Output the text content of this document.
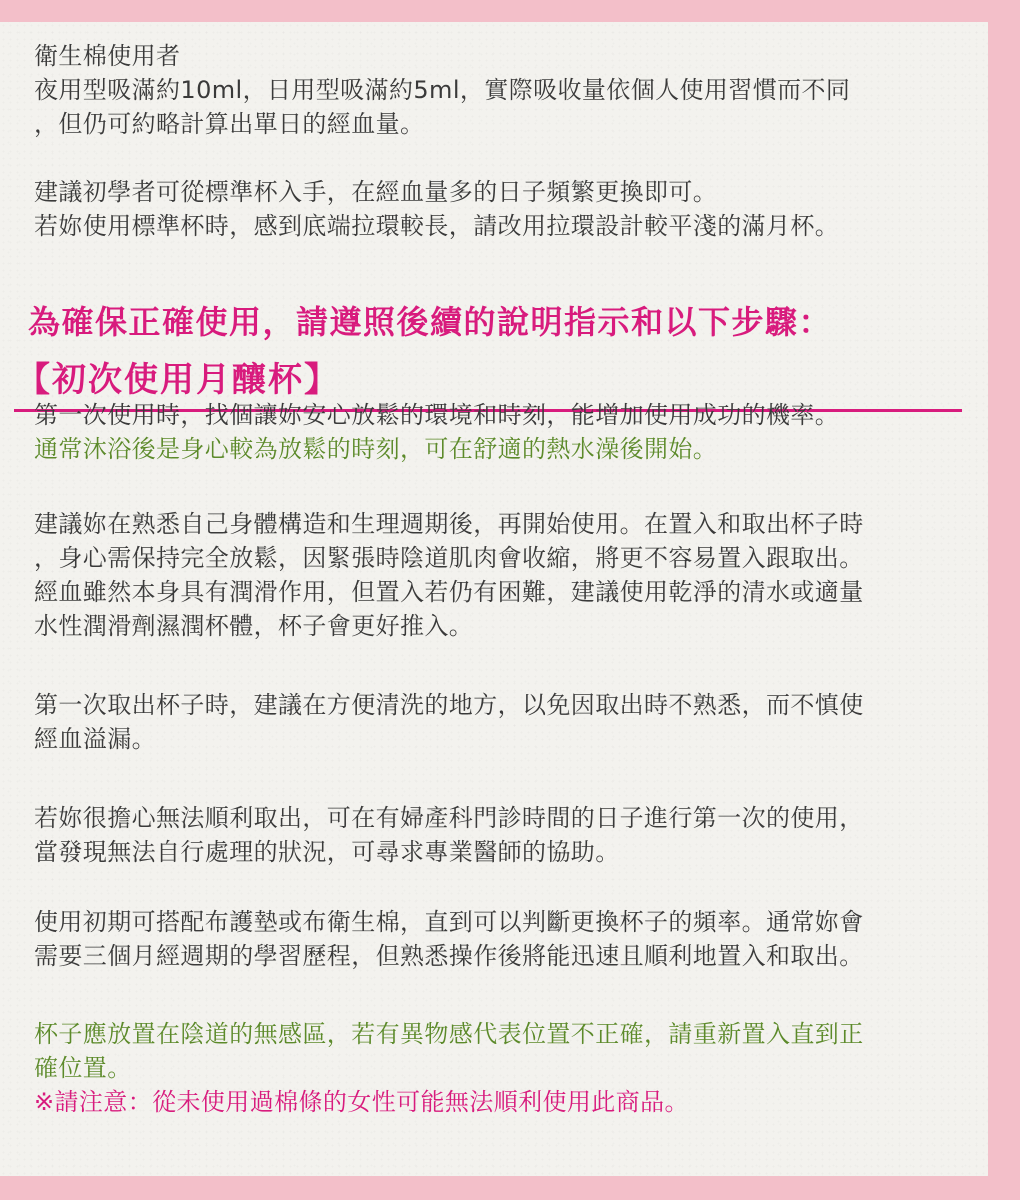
衛生棉使用者
夜用型吸滿約10ml，日用型吸滿約5ml，實際吸收量依個人使用習慣而不同
，但仍可約略計算出單日的經血量。

建議初學者可從標準杯入手，在經血量多的日子頻繁更換即可。
若妳使用標準杯時，感到底端拉環較長，請改用拉環設計較平淺的滿月杯。

為確保正確使用，請遵照後續的說明指示和以下步驟：
【初次使用月釀杯】

第一次使用時，找個讓妳安心放鬆的環境和時刻，能增加使用成功的機率。
通常沐浴後是身心較為放鬆的時刻，可在舒適的熱水澡後開始。

建議妳在熟悉自己身體構造和生理週期後，再開始使用。在置入和取出杯子時
，身心需保持完全放鬆，因緊張時陰道肌肉會收縮，將更不容易置入跟取出。
經血雖然本身具有潤滑作用，但置入若仍有困難，建議使用乾淨的清水或適量
水性潤滑劑濕潤杯體，杯子會更好推入。

第一次取出杯子時，建議在方便清洗的地方，以免因取出時不熟悉，而不慎使
經血溢漏。

若妳很擔心無法順利取出，可在有婦產科門診時間的日子進行第一次的使用，
當發現無法自行處理的狀況，可尋求專業醫師的協助。

使用初期可搭配布護墊或布衛生棉，直到可以判斷更換杯子的頻率。通常妳會
需要三個月經週期的學習歷程，但熟悉操作後將能迅速且順利地置入和取出。

杯子應放置在陰道的無感區，若有異物感代表位置不正確，請重新置入直到正
確位置。

※請注意：從未使用過棉條的女性可能無法順利使用此商品。
